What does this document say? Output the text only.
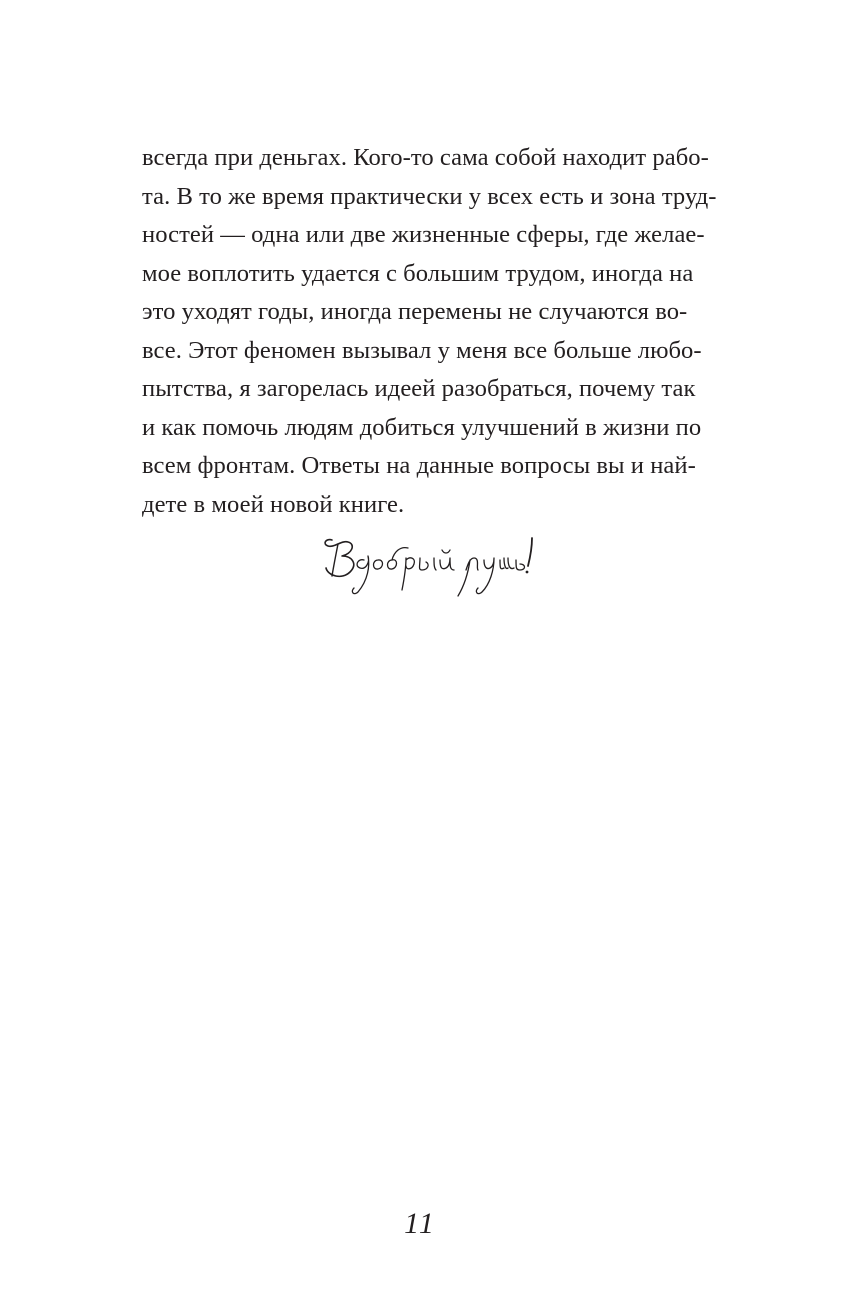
всегда при деньгах. Кого-то сама собой находит рабо-
та. В то же время практически у всех есть и зона труд-
ностей — одна или две жизненные сферы, где желае-
мое воплотить удается с большим трудом, иногда на
это уходят годы, иногда перемены не случаются во-
все. Этот феномен вызывал у меня все больше любо-
пытства, я загорелась идеей разобраться, почему так
и как помочь людям добиться улучшений в жизни по
всем фронтам. Ответы на данные вопросы вы и най-
дете в моей новой книге.
11
